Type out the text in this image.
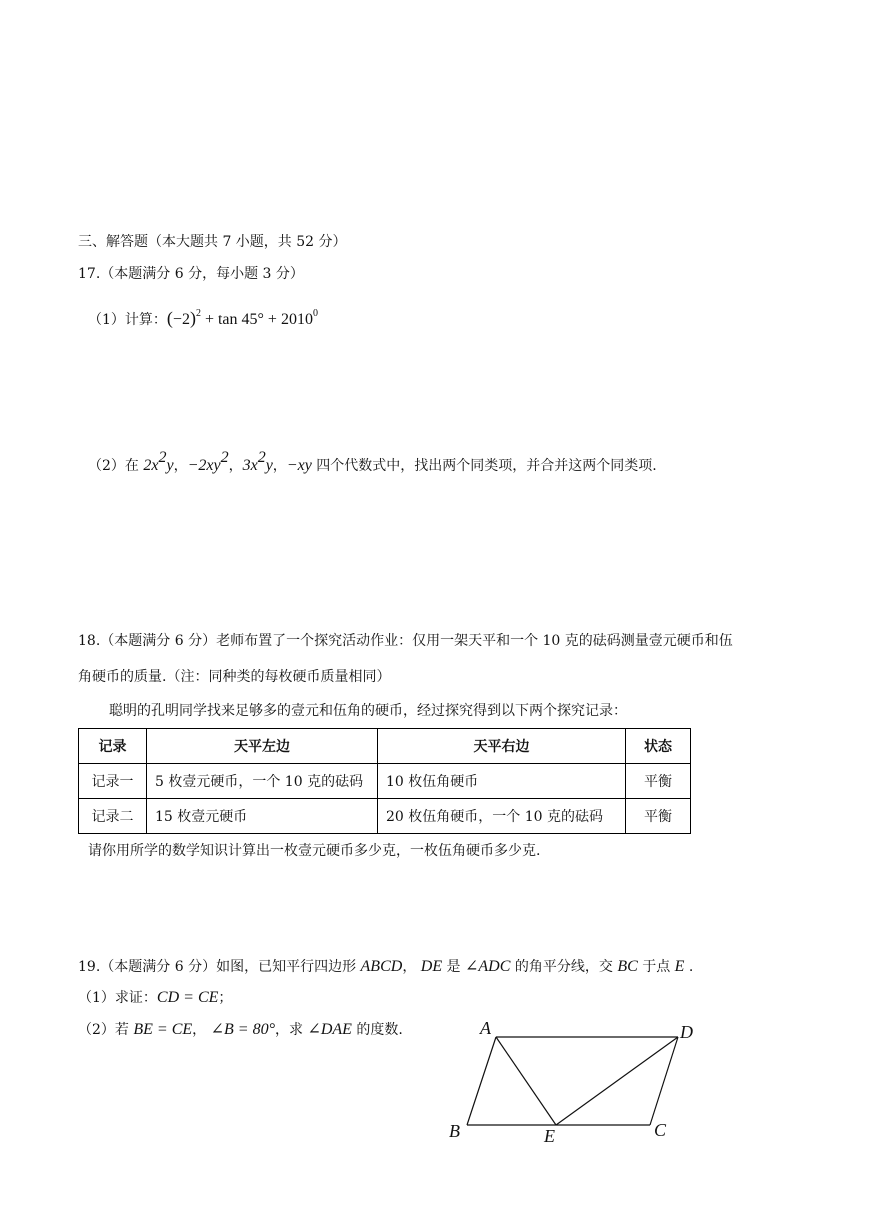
三、解答题（本大题共 7 小题，共 52 分）
17.（本题满分 6 分，每小题 3 分）
（1）计算：$(-2)^2 + \tan 45^\circ + 2010^0$
（2）在 $2x^2y$，$-2xy^2$，$3x^2y$，−xy 四个代数式中，找出两个同类项，并合并这两个同类项.
18.（本题满分 6 分）老师布置了一个探究活动作业：仅用一架天平和一个 10 克的砝码测量壹元硬币和伍
角硬币的质量.（注：同种类的每枚硬币质量相同）
聪明的孔明同学找来足够多的壹元和伍角的硬币，经过探究得到以下两个探究记录：
记录	天平左边	天平右边	状态
记录一	5 枚壹元硬币，一个 10 克的砝码	10 枚伍角硬币	平衡
记录二	15 枚壹元硬币	20 枚伍角硬币，一个 10 克的砝码	平衡
请你用所学的数学知识计算出一枚壹元硬币多少克，一枚伍角硬币多少克.
19.（本题满分 6 分）如图，已知平行四边形 ABCD， DE 是 ∠ADC 的角平分线，交 BC 于点 E .
（1）求证：CD = CE；
（2）若 BE = CE， ∠B = 80°，求 ∠DAE 的度数.	A	D
B	E	C
